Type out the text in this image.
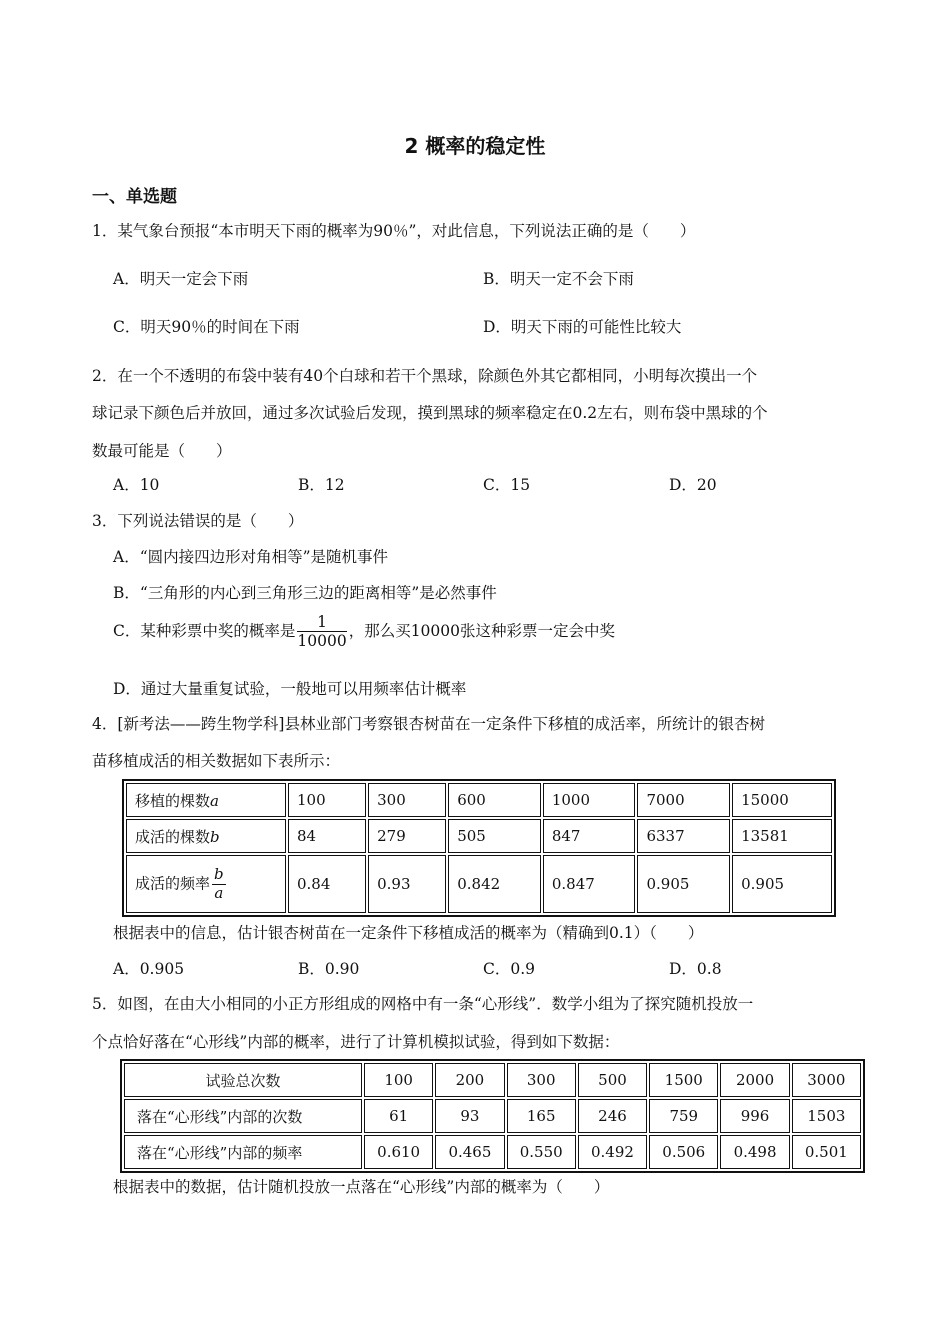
2 概率的稳定性
一、单选题
1．某气象台预报“本市明天下雨的概率为90％”，对此信息，下列说法正确的是（　　）
A．明天一定会下雨	B．明天一定不会下雨
C．明天90％的时间在下雨	D．明天下雨的可能性比较大
2．在一个不透明的布袋中装有40个白球和若干个黑球，除颜色外其它都相同，小明每次摸出一个
球记录下颜色后并放回，通过多次试验后发现，摸到黑球的频率稳定在0.2左右，则布袋中黑球的个
数最可能是（　　）
A．10	B．12	C．15	D．20
3．下列说法错误的是（　　）
A．“圆内接四边形对角相等”是随机事件
B．“三角形的内心到三角形三边的距离相等”是必然事件
C．某种彩票中奖的概率是 $\frac{1}{10000}$ ，那么买10000张这种彩票一定会中奖
D．通过大量重复试验，一般地可以用频率估计概率
4．[新考法——跨生物学科]县林业部门考察银杏树苗在一定条件下移植的成活率，所统计的银杏树
苗移植成活的相关数据如下表所示：
移植的棵数a	100	300	600	1000	7000	15000
成活的棵数b	84	279	505	847	6337	13581
成活的频率 $\frac{b}{a}$	0.84	0.93	0.842	0.847	0.905	0.905
根据表中的信息，估计银杏树苗在一定条件下移植成活的概率为（精确到0.1）（　　）
A．0.905	B．0.90	C．0.9	D．0.8
5．如图，在由大小相同的小正方形组成的网格中有一条“心形线”．数学小组为了探究随机投放一
个点恰好落在“心形线”内部的概率，进行了计算机模拟试验，得到如下数据：
试验总次数	100	200	300	500	1500	2000	3000
落在“心形线”内部的次数	61	93	165	246	759	996	1503
落在“心形线”内部的频率	0.610	0.465	0.550	0.492	0.506	0.498	0.501
根据表中的数据，估计随机投放一点落在“心形线”内部的概率为（　　）
